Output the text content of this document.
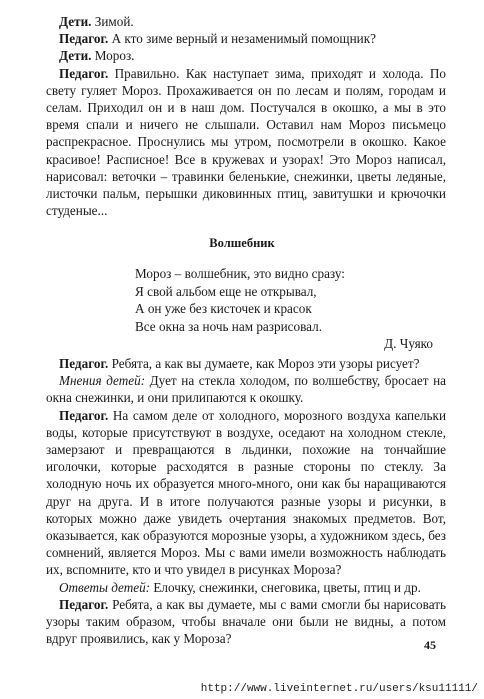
Дети. Зимой.

Педагог. А кто зиме верный и незаменимый помощник?

Дети. Мороз.

Педагог. Правильно. Как наступает зима, приходят и холода. По свету гуляет Мороз. Прохаживается он по лесам и полям, городам и селам. Приходил он и в наш дом. Постучался в окошко, а мы в это время спали и ничего не слышали. Оставил нам Мороз письмецо распрекрасное. Проснулись мы утром, посмотрели в окошко. Какое красивое! Расписное! Все в кружевах и узорах! Это Мороз написал, нарисовал: веточки – травинки беленькие, снежинки, цветы ледяные, листочки пальм, перышки диковинных птиц, завитушки и крючочки студеные...

Волшебник
Мороз – волшебник, это видно сразу:
Я свой альбом еще не открывал,
А он уже без кисточек и красок
Все окна за ночь нам разрисовал.
Д. Чуяко

Педагог. Ребята, а как вы думаете, как Мороз эти узоры рисует?

Мнения детей: Дует на стекла холодом, по волшебству, бросает на окна снежинки, и они прилипаются к окошку.

Педагог. На самом деле от холодного, морозного воздуха капельки воды, которые присутствуют в воздухе, оседают на холодном стекле, замерзают и превращаются в льдинки, похожие на тончайшие иголочки, которые расходятся в разные стороны по стеклу. За холодную ночь их образуется много-много, они как бы наращиваются друг на друга. И в итоге получаются разные узоры и рисунки, в которых можно даже увидеть очертания знакомых предметов. Вот, оказывается, как образуются морозные узоры, а художником здесь, без сомнений, является Мороз. Мы с вами имели возможность наблюдать их, вспомните, кто и что увидел в рисунках Мороза?

Ответы детей: Елочку, снежинки, снеговика, цветы, птиц и др.

Педагог. Ребята, а как вы думаете, мы с вами смогли бы нарисовать узоры таким образом, чтобы вначале они были не видны, а потом вдруг проявились, как у Мороза?	45
http://www.liveinternet.ru/users/ksu11111/
